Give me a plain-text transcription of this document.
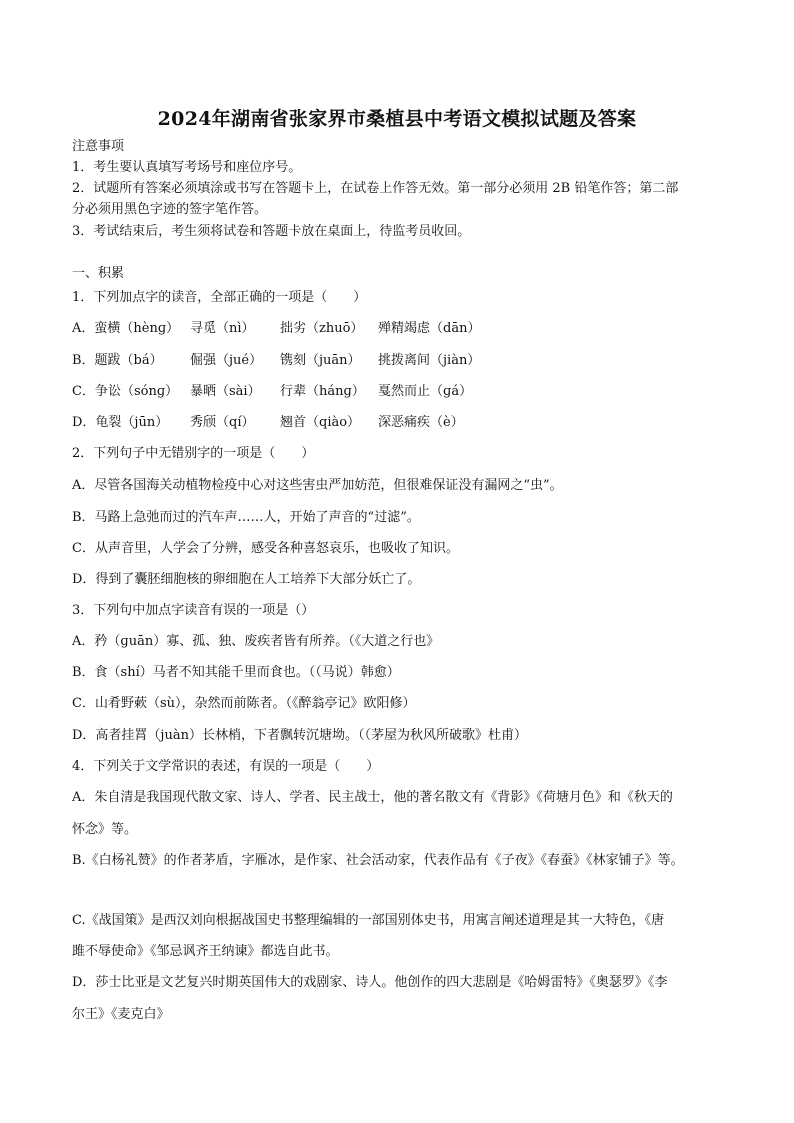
2024年湖南省张家界市桑植县中考语文模拟试题及答案
注意事项
1．考生要认真填写考场号和座位序号。
2．试题所有答案必须填涂或书写在答题卡上，在试卷上作答无效。第一部分必须用 2B 铅笔作答；第二部
分必须用黑色字迹的签字笔作答。
3．考试结束后，考生须将试卷和答题卡放在桌面上，待监考员收回。
一、积累
1．下列加点字的读音，全部正确的一项是（　　）
A．蛮横（hènɡ） 寻觅（nì） 拙劣（zhuō） 殚精竭虑（dān）
B．题跋（bá） 倔强（jué） 镌刻（juān） 挑拨离间（jiàn）
C．争讼（sónɡ） 暴晒（sài） 行辈（hánɡ） 戛然而止（ɡá）
D．龟裂（jūn） 秀颀（qí） 翘首（qiào） 深恶痛疾（è）
2．下列句子中无错别字的一项是（　　）
A．尽管各国海关动植物检疫中心对这些害虫严加妨范，但很难保证没有漏网之“虫”。
B．马路上急弛而过的汽车声……人，开始了声音的“过滤”。
C．从声音里，人学会了分辨，感受各种喜怒哀乐，也吸收了知识。
D．得到了囊胚细胞核的卵细胞在人工培养下大部分妖亡了。
3．下列句中加点字读音有误的一项是（）
A．矜（ɡuān）寡、孤、独、废疾者皆有所养。（《大道之行也》
B．食（shí）马者不知其能千里而食也。（（马说）韩愈）
C．山肴野蔌（sù），杂然而前陈者。（《醉翁亭记》欧阳修）
D．高者挂罥（juàn）长林梢，下者飘转沉塘坳。（（茅屋为秋风所破歌》杜甫）
4．下列关于文学常识的表述，有误的一项是（　　）
A．朱自清是我国现代散文家、诗人、学者、民主战士，他的著名散文有《背影》《荷塘月色》和《秋天的
怀念》等。
B.《白杨礼赞》的作者茅盾，字雁冰，是作家、社会活动家，代表作品有《子夜》《春蚕》《林家铺子》等。
C.《战国策》是西汉刘向根据战国史书整理编辑的一部国别体史书，用寓言阐述道理是其一大特色，《唐
雎不辱使命》《邹忌讽齐王纳谏》都选自此书。
D．莎士比亚是文艺复兴时期英国伟大的戏剧家、诗人。他创作的四大悲剧是《哈姆雷特》《奥瑟罗》《李
尔王》《麦克白》
